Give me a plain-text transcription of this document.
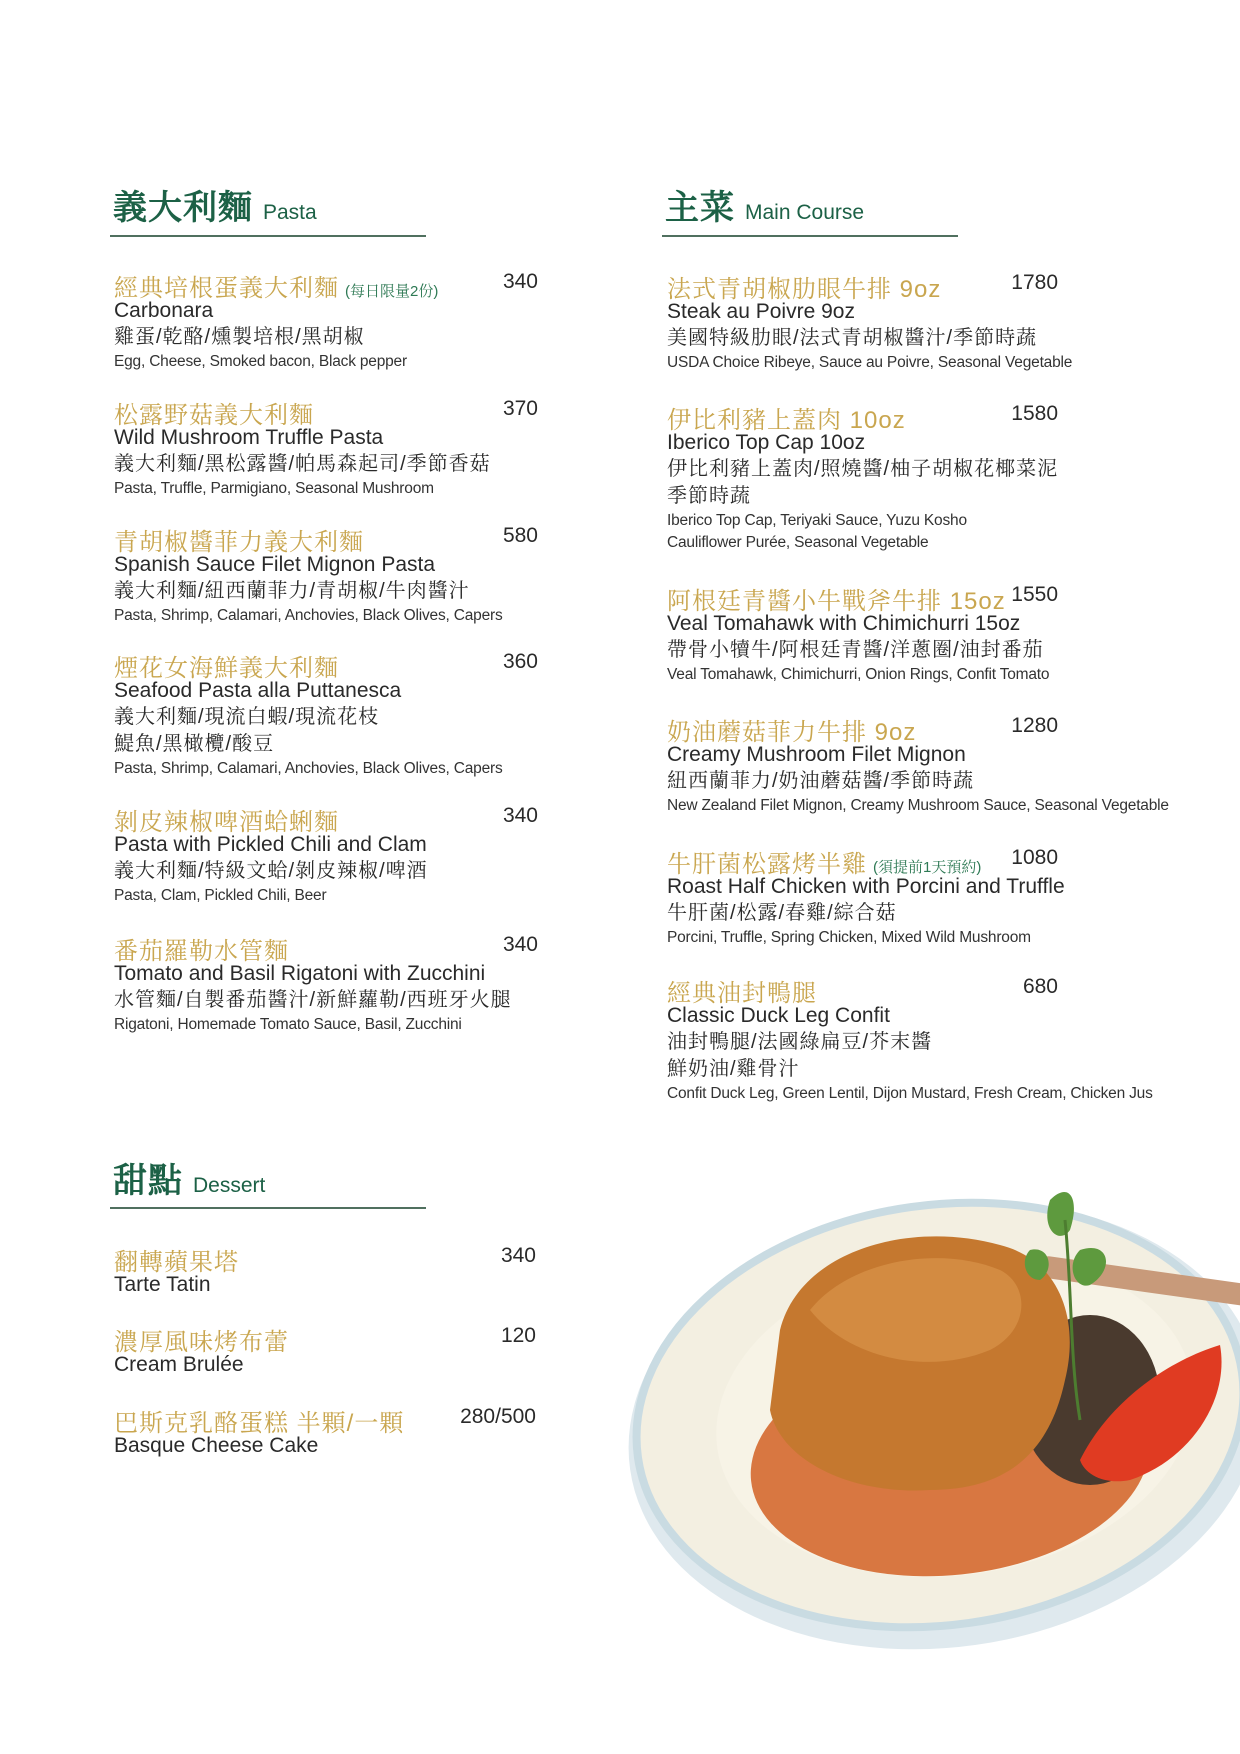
義大利麵 Pasta	主菜 Main Course
甜點 Dessert
經典培根蛋義大利麵 (每日限量2份)	340
Carbonara
雞蛋/乾酪/燻製培根/黑胡椒
Egg, Cheese, Smoked bacon, Black pepper
松露野菇義大利麵	370
Wild Mushroom Truffle Pasta
義大利麵/黑松露醬/帕馬森起司/季節香菇
Pasta, Truffle, Parmigiano, Seasonal Mushroom
青胡椒醬菲力義大利麵	580
Spanish Sauce Filet Mignon Pasta
義大利麵/紐西蘭菲力/青胡椒/牛肉醬汁
Pasta, Shrimp, Calamari, Anchovies, Black Olives, Capers
煙花女海鮮義大利麵	360
Seafood Pasta alla Puttanesca
義大利麵/現流白蝦/現流花枝
鯷魚/黑橄欖/酸豆
Pasta, Shrimp, Calamari, Anchovies, Black Olives, Capers
剝皮辣椒啤酒蛤蜊麵	340
Pasta with Pickled Chili and Clam
義大利麵/特級文蛤/剝皮辣椒/啤酒
Pasta, Clam, Pickled Chili, Beer
番茄羅勒水管麵	340
Tomato and Basil Rigatoni with Zucchini
水管麵/自製番茄醬汁/新鮮蘿勒/西班牙火腿
Rigatoni, Homemade Tomato Sauce, Basil, Zucchini
法式青胡椒肋眼牛排 9oz	1780
Steak au Poivre 9oz
美國特級肋眼/法式青胡椒醬汁/季節時蔬
USDA Choice Ribeye, Sauce au Poivre, Seasonal Vegetable
伊比利豬上蓋肉 10oz	1580
Iberico Top Cap 10oz
伊比利豬上蓋肉/照燒醬/柚子胡椒花椰菜泥
季節時蔬
Iberico Top Cap, Teriyaki Sauce, Yuzu Kosho
Cauliflower Purée, Seasonal Vegetable
阿根廷青醬小牛戰斧牛排 15oz 1550
Veal Tomahawk with Chimichurri 15oz
帶骨小犢牛/阿根廷青醬/洋蔥圈/油封番茄
Veal Tomahawk, Chimichurri, Onion Rings, Confit Tomato
奶油蘑菇菲力牛排 9oz	1280
Creamy Mushroom Filet Mignon
紐西蘭菲力/奶油蘑菇醬/季節時蔬
New Zealand Filet Mignon, Creamy Mushroom Sauce, Seasonal Vegetable
牛肝菌松露烤半雞 (須提前1天預約) 1080
Roast Half Chicken with Porcini and Truffle
牛肝菌/松露/春雞/綜合菇
Porcini, Truffle, Spring Chicken, Mixed Wild Mushroom
經典油封鴨腿	680
Classic Duck Leg Confit
油封鴨腿/法國綠扁豆/芥末醬
鮮奶油/雞骨汁
Confit Duck Leg, Green Lentil, Dijon Mustard, Fresh Cream, Chicken Jus
翻轉蘋果塔	340
Tarte Tatin
濃厚風味烤布蕾	120
Cream Brulée
巴斯克乳酪蛋糕 半顆/一顆	280/500
Basque Cheese Cake
